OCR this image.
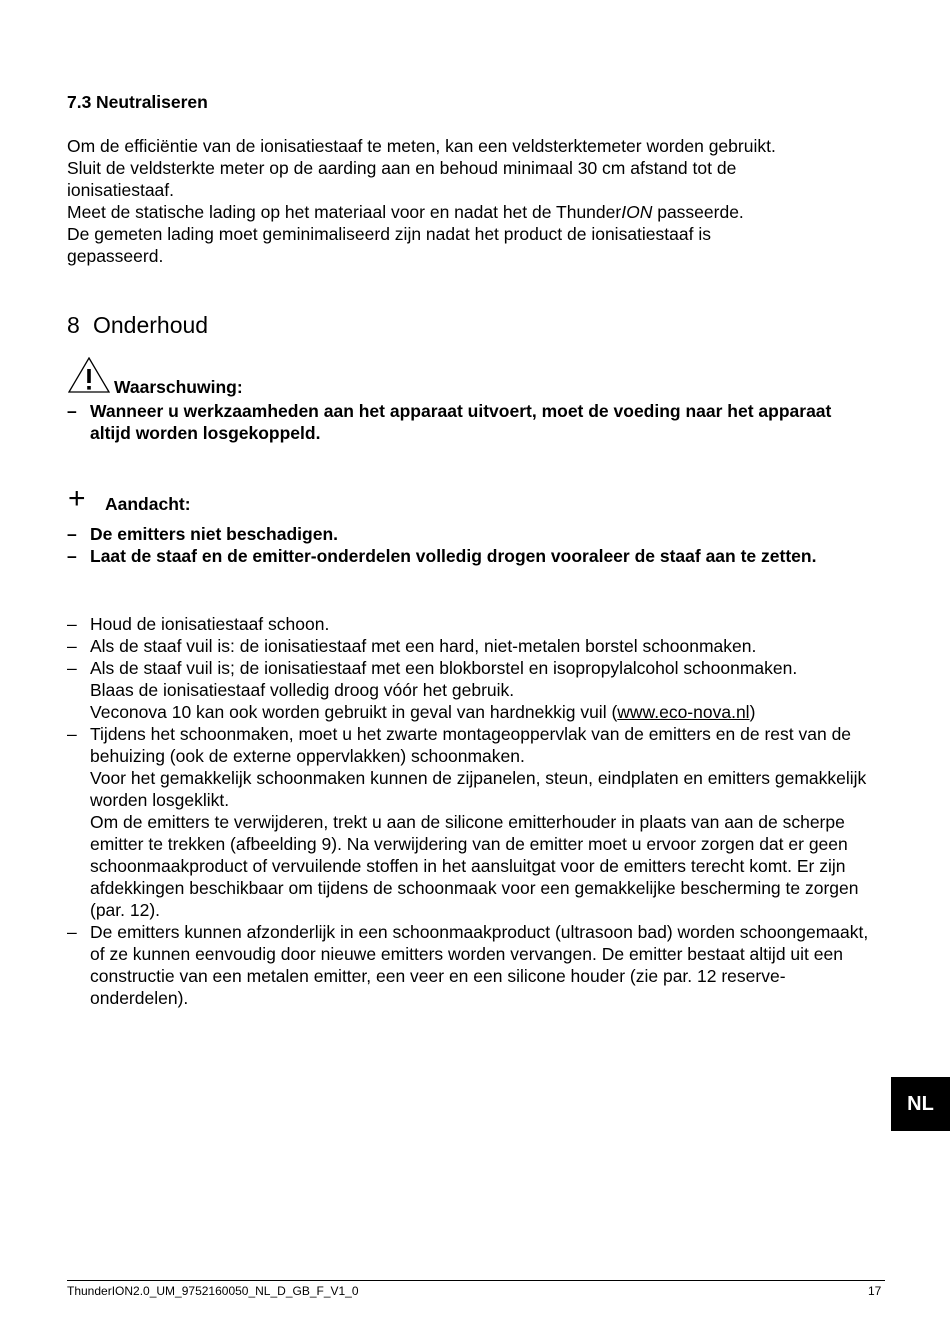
7.3 Neutraliseren
Om de efficiëntie van de ionisatiestaaf te meten, kan een veldsterktemeter worden gebruikt.
Sluit de veldsterkte meter op de aarding aan en behoud minimaal 30 cm afstand tot de
ionisatiestaaf.
Meet de statische lading op het materiaal voor en nadat het de ThunderION passeerde.
De gemeten lading moet geminimaliseerd zijn nadat het product de ionisatiestaaf is
gepasseerd.
8 Onderhoud
Waarschuwing:
– Wanneer u werkzaamheden aan het apparaat uitvoert, moet de voeding naar het apparaat altijd worden losgekoppeld.
+ Aandacht:
– De emitters niet beschadigen.
– Laat de staaf en de emitter-onderdelen volledig drogen vooraleer de staaf aan te zetten.
– Houd de ionisatiestaaf schoon.
– Als de staaf vuil is: de ionisatiestaaf met een hard, niet-metalen borstel schoonmaken.
– Als de staaf vuil is; de ionisatiestaaf met een blokborstel en isopropylalcohol schoonmaken.
Blaas de ionisatiestaaf volledig droog vóór het gebruik.
Veconova 10 kan ook worden gebruikt in geval van hardnekkig vuil (www.eco-nova.nl)
– Tijdens het schoonmaken, moet u het zwarte montageoppervlak van de emitters en de rest van de behuizing (ook de externe oppervlakken) schoonmaken.
Voor het gemakkelijk schoonmaken kunnen de zijpanelen, steun, eindplaten en emitters gemakkelijk worden losgeklikt.
Om de emitters te verwijderen, trekt u aan de silicone emitterhouder in plaats van aan de scherpe emitter te trekken (afbeelding 9). Na verwijdering van de emitter moet u ervoor zorgen dat er geen schoonmaakproduct of vervuilende stoffen in het aansluitgat voor de emitters terecht komt. Er zijn afdekkingen beschikbaar om tijdens de schoonmaak voor een gemakkelijke bescherming te zorgen (par. 12).
– De emitters kunnen afzonderlijk in een schoonmaakproduct (ultrasoon bad) worden schoongemaakt, of ze kunnen eenvoudig door nieuwe emitters worden vervangen. De emitter bestaat altijd uit een constructie van een metalen emitter, een veer en een silicone houder (zie par. 12 reserve-onderdelen).
NL
ThunderION2.0_UM_9752160050_NL_D_GB_F_V1_0	17
